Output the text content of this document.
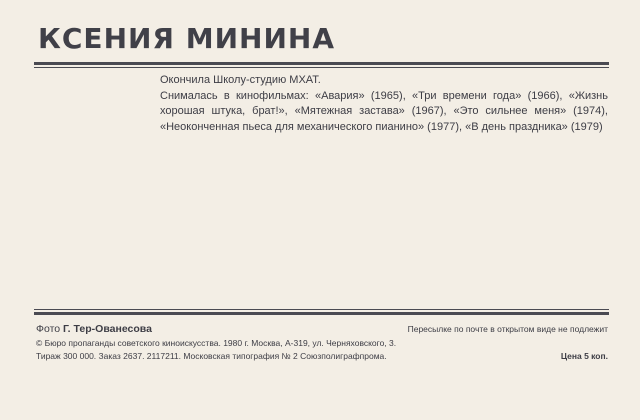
КСЕНИЯ МИНИНА

Окончила Школу-студию МХАТ.

Снималась в кинофильмах: «Авария» (1965), «Три времени года» (1966), «Жизнь хорошая штука, брат!», «Мятежная застава» (1967), «Это сильнее меня» (1974), «Неоконченная пьеса для механического пианино» (1977), «В день праздника» (1979)

Фото Г. Тер-Ованесова	Пересылке по почте в открытом виде не подлежит
© Бюро пропаганды советского киноискусства. 1980 г. Москва, А-319, ул. Черняховского, 3.
Тираж 300 000. Заказ 2637. 2117211. Московская типография № 2 Союзполиграфпрома.	Цена 5 коп.
